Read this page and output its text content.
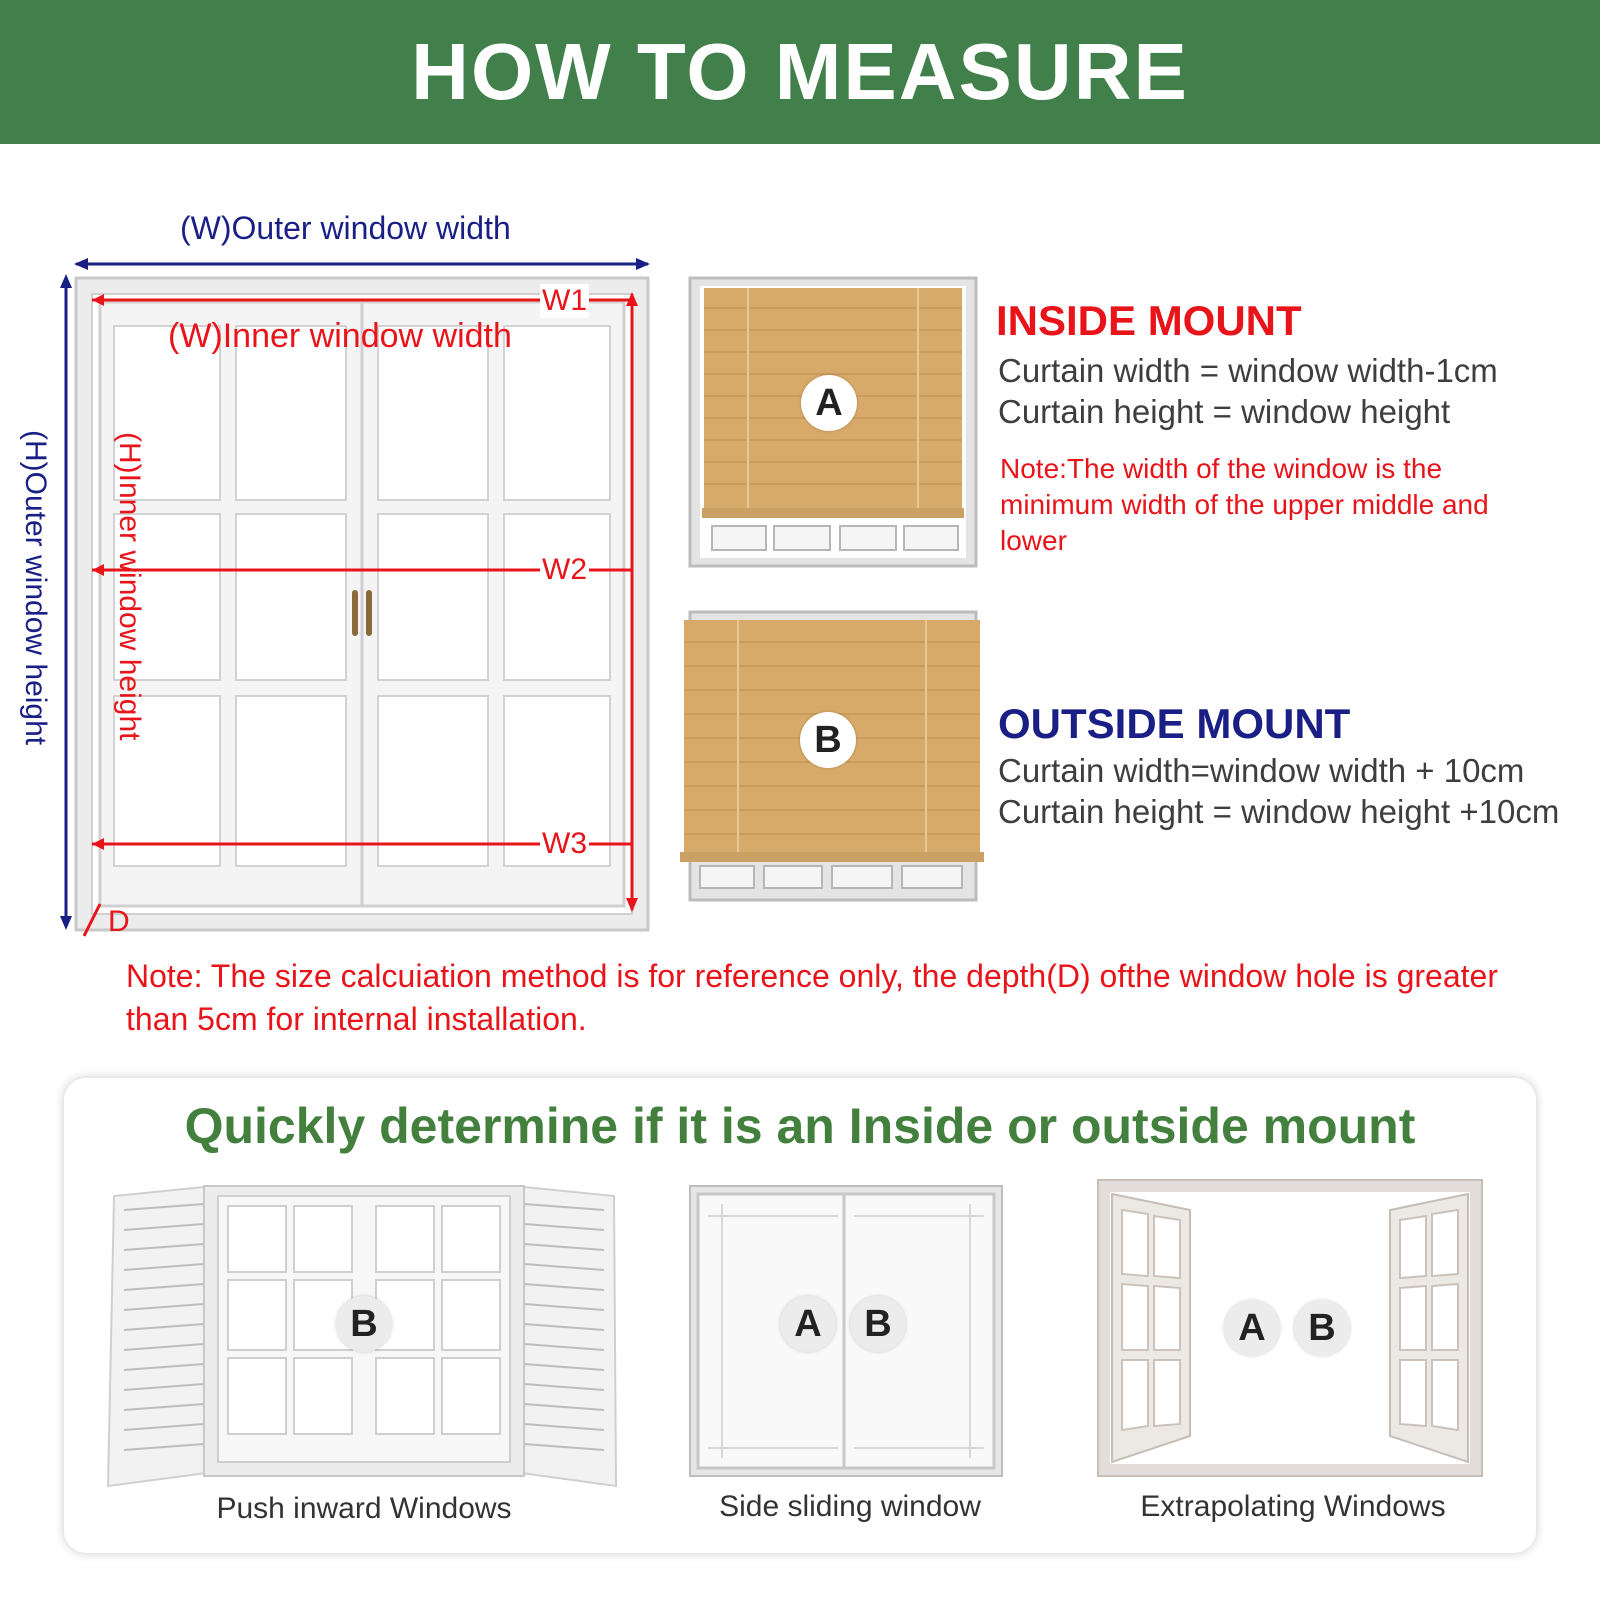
HOW TO MEASURE
(W)Outer window width
(H)Outer window height
(W)Inner window width
(H)Inner window height
W1
W2
W3
D
A
INSIDE MOUNT
Curtain width = window width-1cm
Curtain height = window height
Note:The width of the window is the minimum width of the upper middle and lower
B	OUTSIDE MOUNT
Curtain width=window width + 10cm
Curtain height = window height +10cm
Note: The size calcuiation method is for reference only, the depth(D) ofthe window hole is greater than 5cm for internal installation.
Quickly determine if it is an Inside or outside mount
B
Push inward Windows
A	B
Side sliding window
A	B
Extrapolating Windows
